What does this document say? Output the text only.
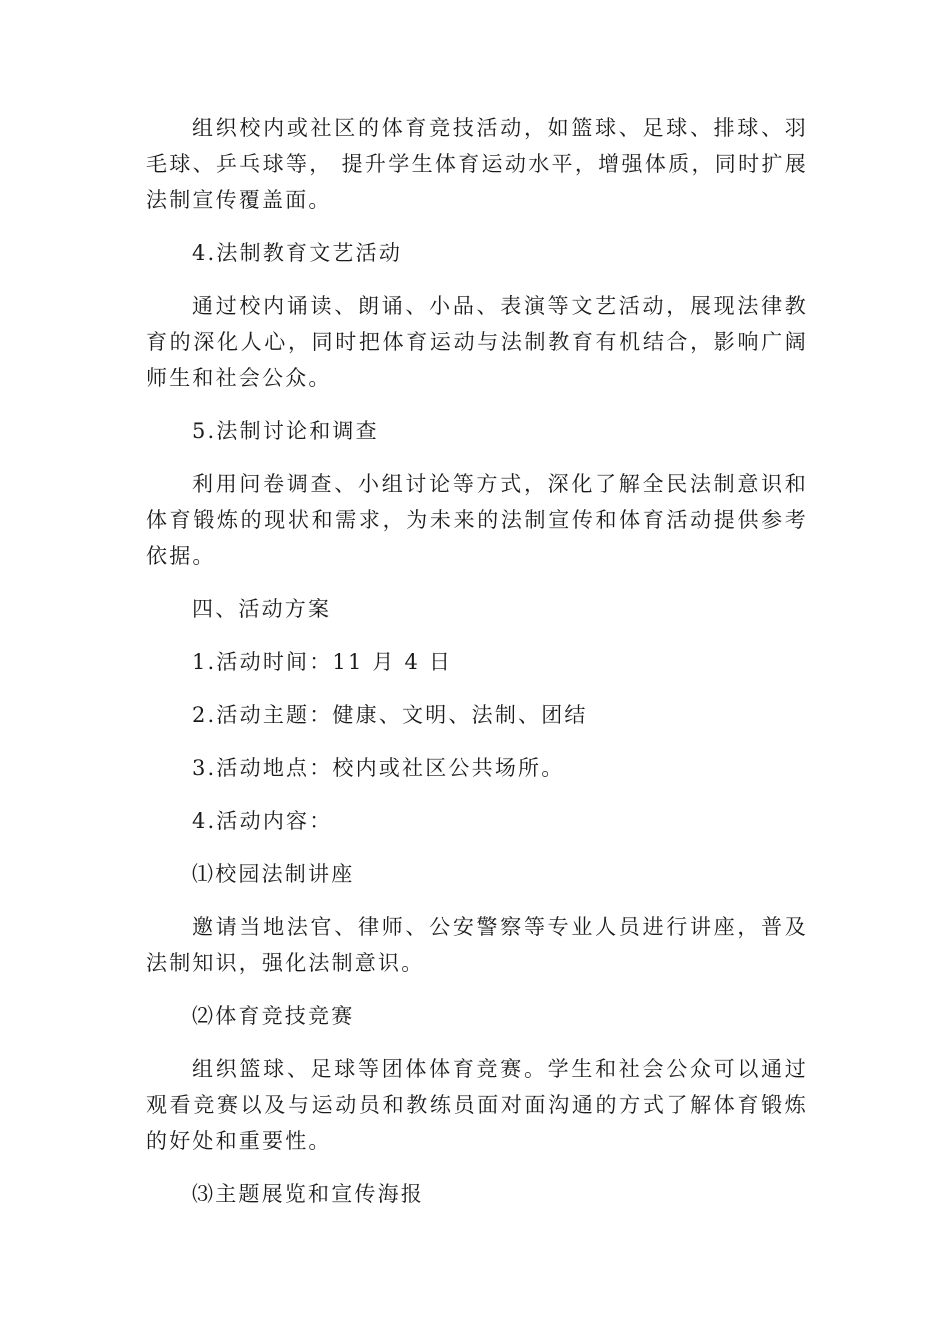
组织校内或社区的体育竞技活动，如篮球、足球、排球、羽毛球、乒乓球等， 提升学生体育运动水平，增强体质，同时扩展法制宣传覆盖面。

4.法制教育文艺活动

通过校内诵读、朗诵、小品、表演等文艺活动，展现法律教育的深化人心，同时把体育运动与法制教育有机结合，影响广阔师生和社会公众。

5.法制讨论和调查

利用问卷调查、小组讨论等方式，深化了解全民法制意识和体育锻炼的现状和需求，为未来的法制宣传和体育活动提供参考依据。

四、活动方案

1.活动时间：11 月 4 日

2.活动主题：健康、文明、法制、团结

3.活动地点：校内或社区公共场所。

4.活动内容：

⑴校园法制讲座

邀请当地法官、律师、公安警察等专业人员进行讲座，普及法制知识，强化法制意识。

⑵体育竞技竞赛

组织篮球、足球等团体体育竞赛。学生和社会公众可以通过观看竞赛以及与运动员和教练员面对面沟通的方式了解体育锻炼的好处和重要性。

⑶主题展览和宣传海报
